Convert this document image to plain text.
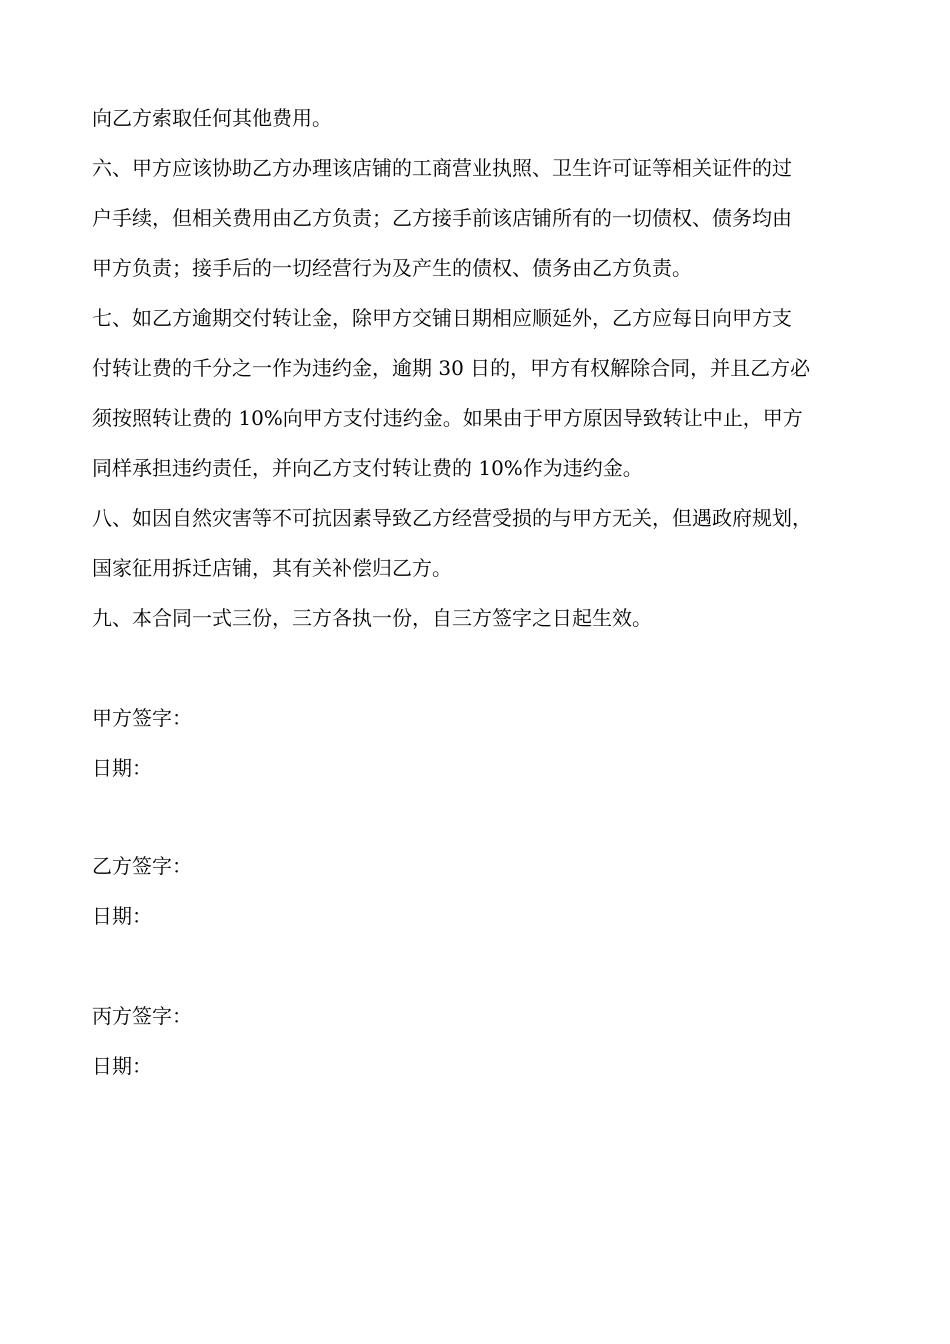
向乙方索取任何其他费用。
六、甲方应该协助乙方办理该店铺的工商营业执照、卫生许可证等相关证件的过
户手续，但相关费用由乙方负责；乙方接手前该店铺所有的一切债权、债务均由
甲方负责；接手后的一切经营行为及产生的债权、债务由乙方负责。
七、如乙方逾期交付转让金，除甲方交铺日期相应顺延外，乙方应每日向甲方支
付转让费的千分之一作为违约金，逾期 30 日的，甲方有权解除合同，并且乙方必
须按照转让费的 10%向甲方支付违约金。如果由于甲方原因导致转让中止，甲方
同样承担违约责任，并向乙方支付转让费的 10%作为违约金。
八、如因自然灾害等不可抗因素导致乙方经营受损的与甲方无关，但遇政府规划，
国家征用拆迁店铺，其有关补偿归乙方。
九、本合同一式三份，三方各执一份，自三方签字之日起生效。
甲方签字：
日期：
乙方签字：
日期：
丙方签字：
日期：
